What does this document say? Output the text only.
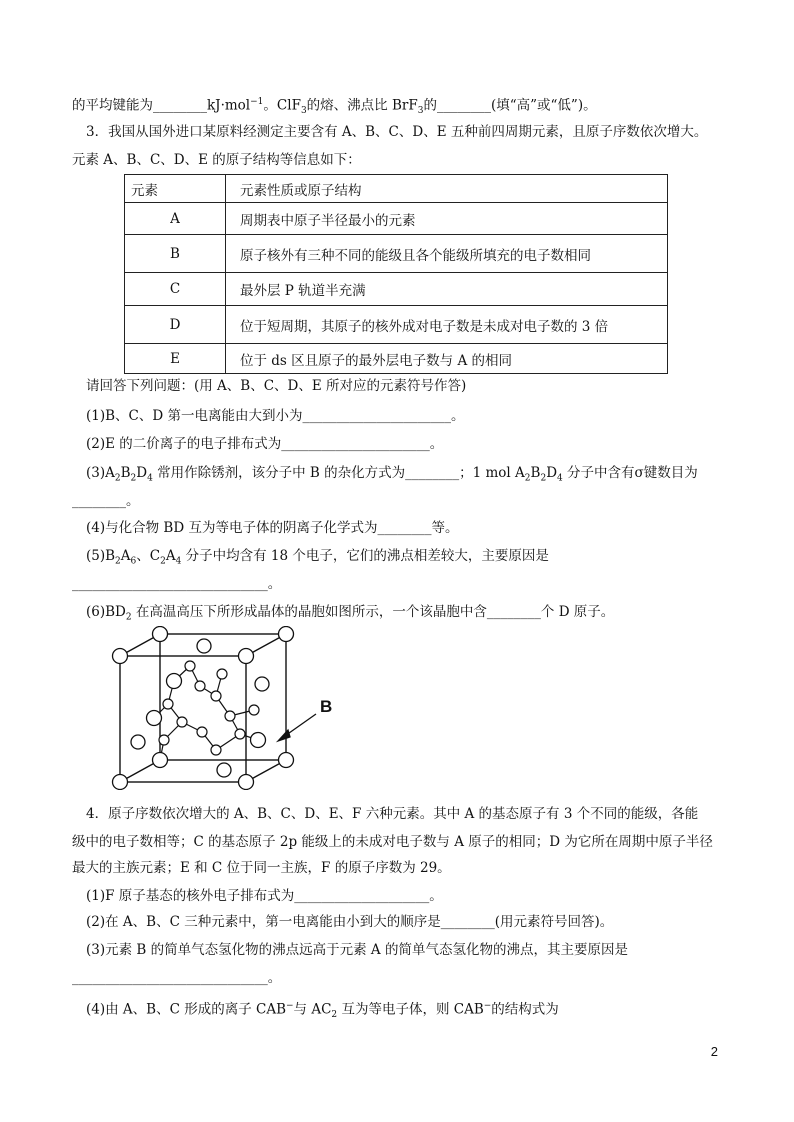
的平均键能为________kJ·mol$^{-1}$。ClF$_3$的熔、沸点比 BrF$_3$的________(填“高”或“低”)。
3．我国从国外进口某原料经测定主要含有 A、B、C、D、E 五种前四周期元素，且原子序数依次增大。
元素 A、B、C、D、E 的原子结构等信息如下：
元素	元素性质或原子结构
A	周期表中原子半径最小的元素
B	原子核外有三种不同的能级且各个能级所填充的电子数相同
C	最外层 P 轨道半充满
D	位于短周期，其原子的核外成对电子数是未成对电子数的 3 倍
E	位于 ds 区且原子的最外层电子数与 A 的相同
请回答下列问题：(用 A、B、C、D、E 所对应的元素符号作答)
(1)B、C、D 第一电离能由大到小为______________________。
(2)E 的二价离子的电子排布式为______________________。
$(3)A_2B_2D_4$ 常用作除锈剂，该分子中 B 的杂化方式为________；1 mol $A_2B_2D_4$ 分子中含有σ键数目为
________。
(4)与化合物 BD 互为等电子体的阴离子化学式为________等。
$(5)B_2A_6$、$C_2A_4$ 分子中均含有 18 个电子，它们的沸点相差较大，主要原因是
_____________________________。
$(6)BD_2$ 在高温高压下所形成晶体的晶胞如图所示，一个该晶胞中含________个 D 原子。
B
4．原子序数依次增大的 A、B、C、D、E、F 六种元素。其中 A 的基态原子有 3 个不同的能级，各能
级中的电子数相等；C 的基态原子 2p 能级上的未成对电子数与 A 原子的相同；D 为它所在周期中原子半径
最大的主族元素；E 和 C 位于同一主族，F 的原子序数为 29。
(1)F 原子基态的核外电子排布式为____________________。
(2)在 A、B、C 三种元素中，第一电离能由小到大的顺序是________(用元素符号回答)。
(3)元素 B 的简单气态氢化物的沸点远高于元素 A 的简单气态氢化物的沸点，其主要原因是
_____________________________。
(4)由 A、B、C 形成的离子 CAB−与 $AC_2$ 互为等电子体，则 CAB−的结构式为
2
